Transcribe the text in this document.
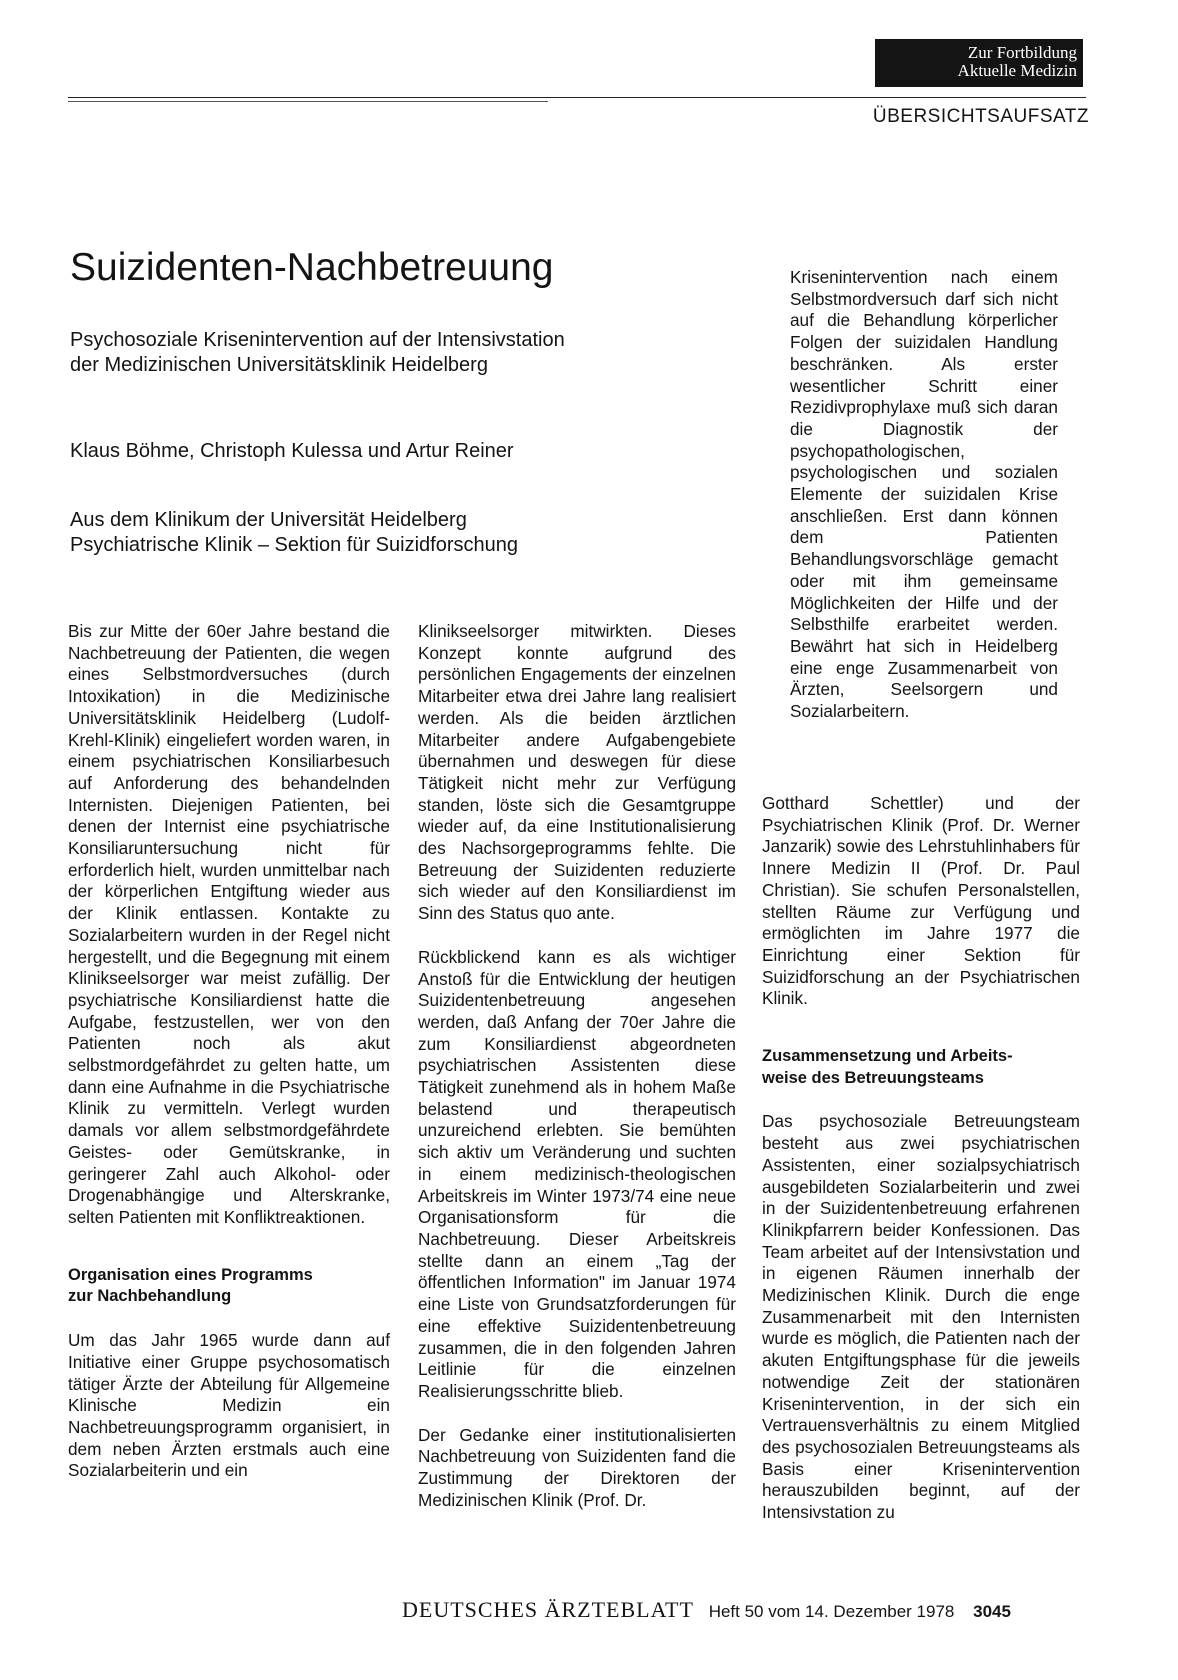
Zur Fortbildung
Aktuelle Medizin
ÜBERSICHTSAUFSATZ
Suizidenten-Nachbetreuung
Psychosoziale Krisenintervention auf der Intensivstation
der Medizinischen Universitätsklinik Heidelberg
Klaus Böhme, Christoph Kulessa und Artur Reiner
Aus dem Klinikum der Universität Heidelberg
Psychiatrische Klinik – Sektion für Suizidforschung

Bis zur Mitte der 60er Jahre bestand die Nachbetreuung der Patienten, die wegen eines Selbstmordversuches (durch Intoxikation) in die Medizinische Universitätsklinik Heidelberg (Ludolf-Krehl-Klinik) eingeliefert worden waren, in einem psychiatrischen Konsiliarbesuch auf Anforderung des behandelnden Internisten. Diejenigen Patienten, bei denen der Internist eine psychiatrische Konsiliaruntersuchung nicht für erforderlich hielt, wurden unmittelbar nach der körperlichen Entgiftung wieder aus der Klinik entlassen. Kontakte zu Sozialarbeitern wurden in der Regel nicht hergestellt, und die Begegnung mit einem Klinikseelsorger war meist zufällig. Der psychiatrische Konsiliardienst hatte die Aufgabe, festzustellen, wer von den Patienten noch als akut selbstmordgefährdet zu gelten hatte, um dann eine Aufnahme in die Psychiatrische Klinik zu vermitteln. Verlegt wurden damals vor allem selbstmordgefährdete Geistes- oder Gemütskranke, in geringerer Zahl auch Alkohol- oder Drogenabhängige und Alterskranke, selten Patienten mit Konfliktreaktionen.

Organisation eines Programms
zur Nachbehandlung

Um das Jahr 1965 wurde dann auf Initiative einer Gruppe psychosomatisch tätiger Ärzte der Abteilung für Allgemeine Klinische Medizin ein Nachbetreuungsprogramm organisiert, in dem neben Ärzten erstmals auch eine Sozialarbeiterin und ein

Klinikseelsorger mitwirkten. Dieses Konzept konnte aufgrund des persönlichen Engagements der einzelnen Mitarbeiter etwa drei Jahre lang realisiert werden. Als die beiden ärztlichen Mitarbeiter andere Aufgabengebiete übernahmen und deswegen für diese Tätigkeit nicht mehr zur Verfügung standen, löste sich die Gesamtgruppe wieder auf, da eine Institutionalisierung des Nachsorgeprogramms fehlte. Die Betreuung der Suizidenten reduzierte sich wieder auf den Konsiliardienst im Sinn des Status quo ante.

Rückblickend kann es als wichtiger Anstoß für die Entwicklung der heutigen Suizidentenbetreuung angesehen werden, daß Anfang der 70er Jahre die zum Konsiliardienst abgeordneten psychiatrischen Assistenten diese Tätigkeit zunehmend als in hohem Maße belastend und therapeutisch unzureichend erlebten. Sie bemühten sich aktiv um Veränderung und suchten in einem medizinisch-theologischen Arbeitskreis im Winter 1973/74 eine neue Organisationsform für die Nachbetreuung. Dieser Arbeitskreis stellte dann an einem „Tag der öffentlichen Information" im Januar 1974 eine Liste von Grundsatzforderungen für eine effektive Suizidentenbetreuung zusammen, die in den folgenden Jahren Leitlinie für die einzelnen Realisierungsschritte blieb.

Der Gedanke einer institutionalisierten Nachbetreuung von Suizidenten fand die Zustimmung der Direktoren der Medizinischen Klinik (Prof. Dr.

Krisenintervention nach einem Selbstmordversuch darf sich nicht auf die Behandlung körperlicher Folgen der suizidalen Handlung beschränken. Als erster wesentlicher Schritt einer Rezidivprophylaxe muß sich daran die Diagnostik der psychopathologischen, psychologischen und sozialen Elemente der suizidalen Krise anschließen. Erst dann können dem Patienten Behandlungsvorschläge gemacht oder mit ihm gemeinsame Möglichkeiten der Hilfe und der Selbsthilfe erarbeitet werden. Bewährt hat sich in Heidelberg eine enge Zusammenarbeit von Ärzten, Seelsorgern und Sozialarbeitern.

Gotthard Schettler) und der Psychiatrischen Klinik (Prof. Dr. Werner Janzarik) sowie des Lehrstuhlinhabers für Innere Medizin II (Prof. Dr. Paul Christian). Sie schufen Personalstellen, stellten Räume zur Verfügung und ermöglichten im Jahre 1977 die Einrichtung einer Sektion für Suizidforschung an der Psychiatrischen Klinik.

Zusammensetzung und Arbeits-
weise des Betreuungsteams

Das psychosoziale Betreuungsteam besteht aus zwei psychiatrischen Assistenten, einer sozialpsychiatrisch ausgebildeten Sozialarbeiterin und zwei in der Suizidentenbetreuung erfahrenen Klinikpfarrern beider Konfessionen. Das Team arbeitet auf der Intensivstation und in eigenen Räumen innerhalb der Medizinischen Klinik. Durch die enge Zusammenarbeit mit den Internisten wurde es möglich, die Patienten nach der akuten Entgiftungsphase für die jeweils notwendige Zeit der stationären Krisenintervention, in der sich ein Vertrauensverhältnis zu einem Mitglied des psychosozialen Betreuungsteams als Basis einer Krisenintervention herauszubilden beginnt, auf der Intensivstation zu

DEUTSCHES ÄRZTEBLATT Heft 50 vom 14. Dezember 1978 3045
